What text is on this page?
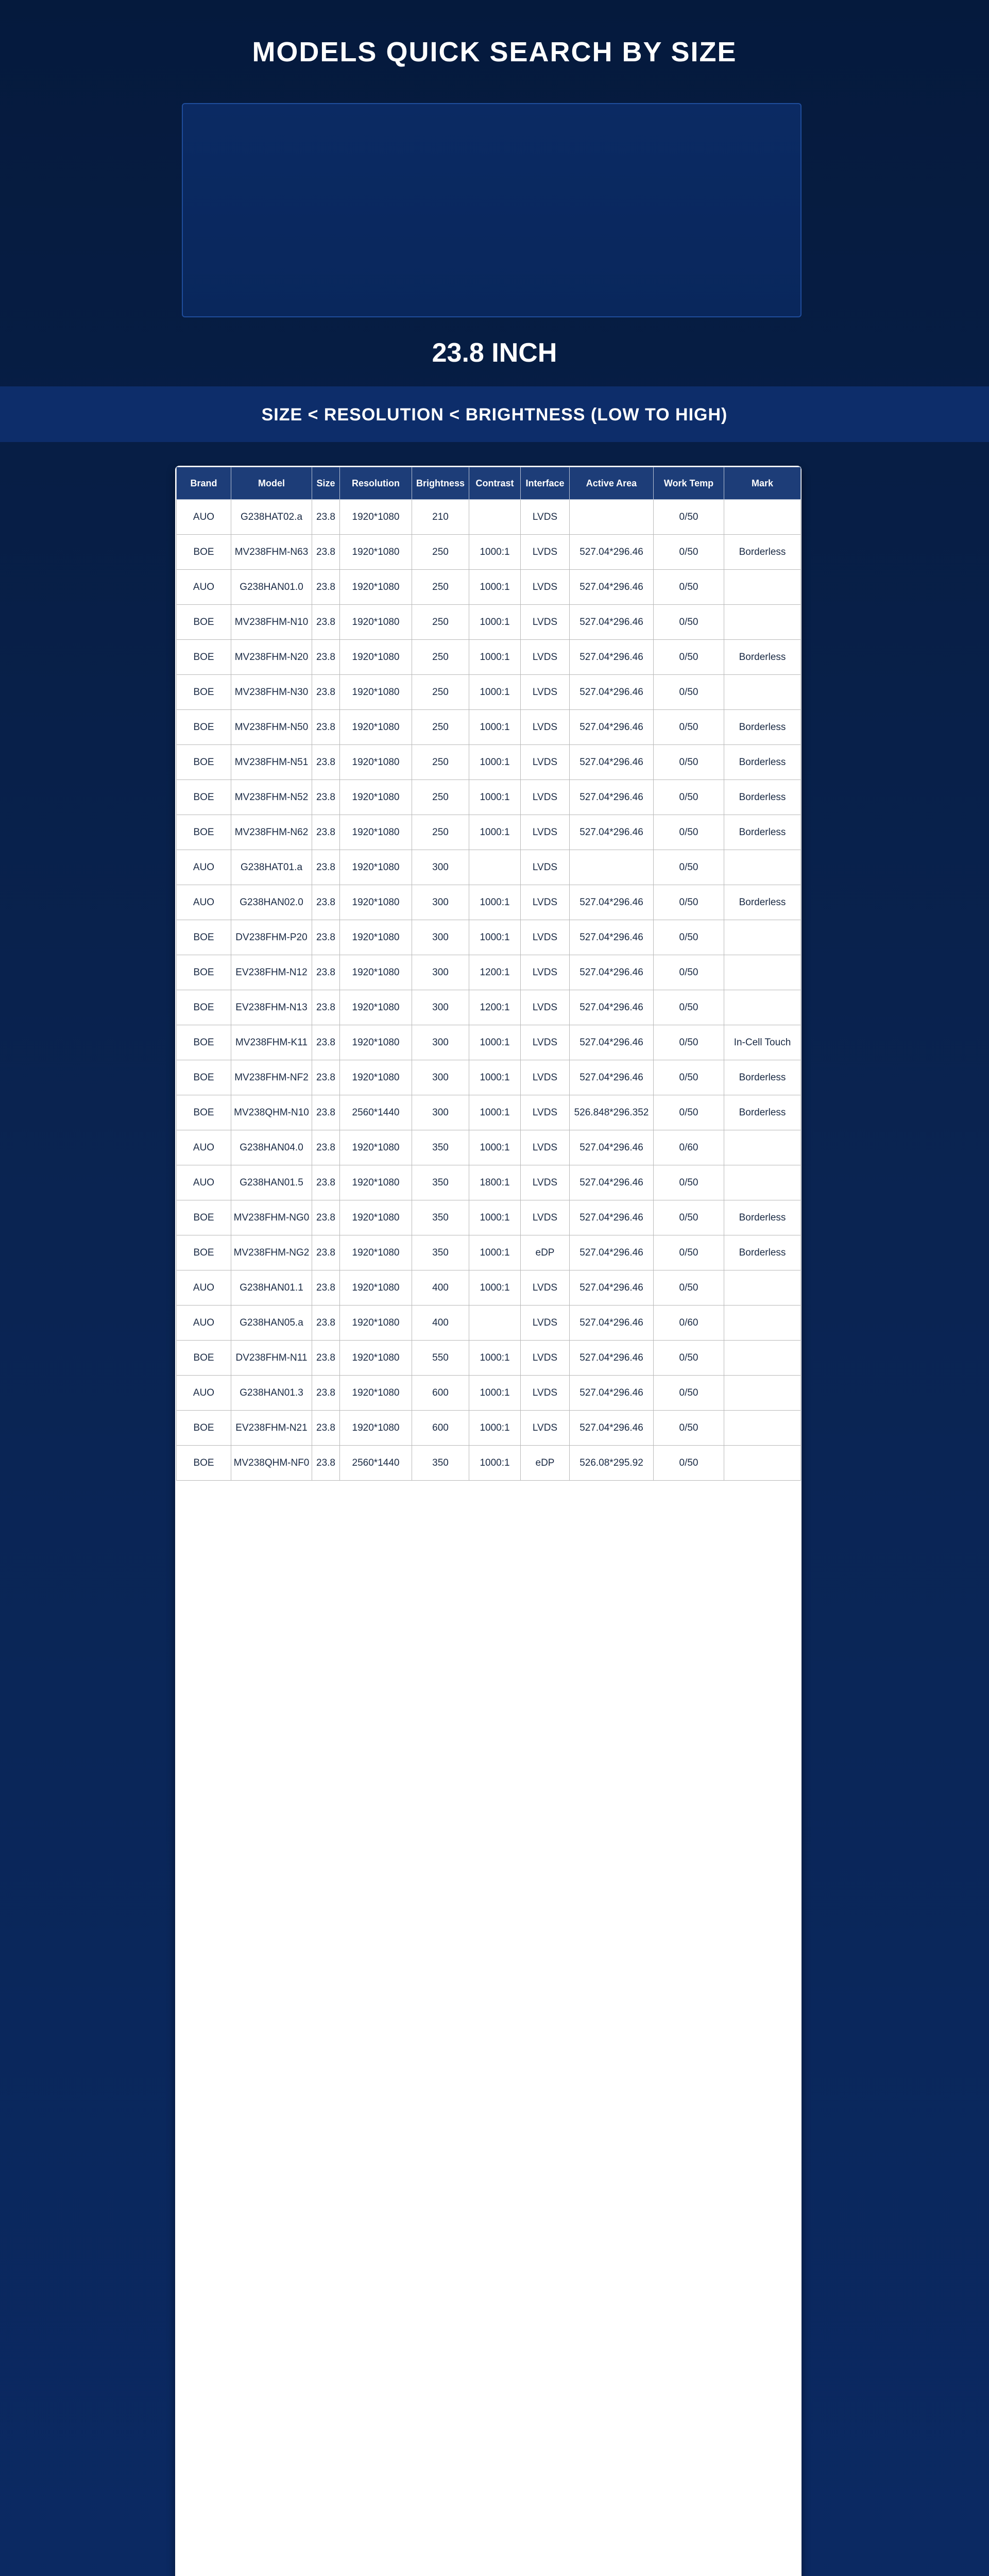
MODELS QUICK SEARCH BY SIZE
23.8 INCH
SIZE < RESOLUTION < BRIGHTNESS (LOW TO HIGH)
Brand	Model	Size	Resolution	Brightness	Contrast	Interface	Active Area	Work Temp	Mark
AUO	G238HAT02.a	23.8	1920*1080	210		LVDS		0/50	
BOE	MV238FHM-N63	23.8	1920*1080	250	1000:1	LVDS	527.04*296.46	0/50	Borderless
AUO	G238HAN01.0	23.8	1920*1080	250	1000:1	LVDS	527.04*296.46	0/50	
BOE	MV238FHM-N10	23.8	1920*1080	250	1000:1	LVDS	527.04*296.46	0/50	
BOE	MV238FHM-N20	23.8	1920*1080	250	1000:1	LVDS	527.04*296.46	0/50	Borderless
BOE	MV238FHM-N30	23.8	1920*1080	250	1000:1	LVDS	527.04*296.46	0/50	
BOE	MV238FHM-N50	23.8	1920*1080	250	1000:1	LVDS	527.04*296.46	0/50	Borderless
BOE	MV238FHM-N51	23.8	1920*1080	250	1000:1	LVDS	527.04*296.46	0/50	Borderless
BOE	MV238FHM-N52	23.8	1920*1080	250	1000:1	LVDS	527.04*296.46	0/50	Borderless
BOE	MV238FHM-N62	23.8	1920*1080	250	1000:1	LVDS	527.04*296.46	0/50	Borderless
AUO	G238HAT01.a	23.8	1920*1080	300		LVDS		0/50	
AUO	G238HAN02.0	23.8	1920*1080	300	1000:1	LVDS	527.04*296.46	0/50	Borderless
BOE	DV238FHM-P20	23.8	1920*1080	300	1000:1	LVDS	527.04*296.46	0/50	
BOE	EV238FHM-N12	23.8	1920*1080	300	1200:1	LVDS	527.04*296.46	0/50	
BOE	EV238FHM-N13	23.8	1920*1080	300	1200:1	LVDS	527.04*296.46	0/50	
BOE	MV238FHM-K11	23.8	1920*1080	300	1000:1	LVDS	527.04*296.46	0/50	In-Cell Touch
BOE	MV238FHM-NF2	23.8	1920*1080	300	1000:1	LVDS	527.04*296.46	0/50	Borderless
BOE	MV238QHM-N10	23.8	2560*1440	300	1000:1	LVDS	526.848*296.352	0/50	Borderless
AUO	G238HAN04.0	23.8	1920*1080	350	1000:1	LVDS	527.04*296.46	0/60	
AUO	G238HAN01.5	23.8	1920*1080	350	1800:1	LVDS	527.04*296.46	0/50	
BOE	MV238FHM-NG0	23.8	1920*1080	350	1000:1	LVDS	527.04*296.46	0/50	Borderless
BOE	MV238FHM-NG2	23.8	1920*1080	350	1000:1	eDP	527.04*296.46	0/50	Borderless
AUO	G238HAN01.1	23.8	1920*1080	400	1000:1	LVDS	527.04*296.46	0/50	
AUO	G238HAN05.a	23.8	1920*1080	400		LVDS	527.04*296.46	0/60	
BOE	DV238FHM-N11	23.8	1920*1080	550	1000:1	LVDS	527.04*296.46	0/50	
AUO	G238HAN01.3	23.8	1920*1080	600	1000:1	LVDS	527.04*296.46	0/50	
BOE	EV238FHM-N21	23.8	1920*1080	600	1000:1	LVDS	527.04*296.46	0/50	
BOE	MV238QHM-NF0	23.8	2560*1440	350	1000:1	eDP	526.08*295.92	0/50	
